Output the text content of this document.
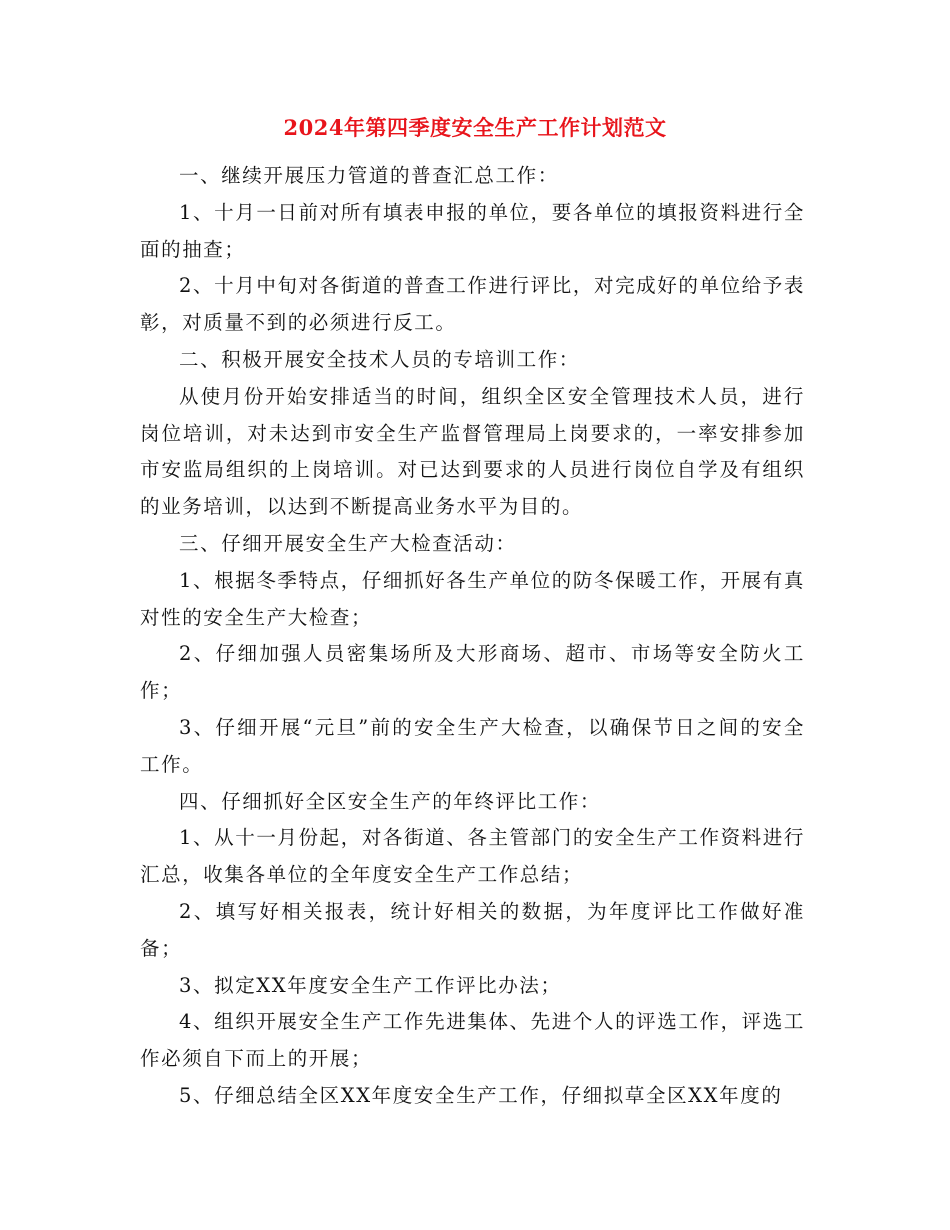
2024年第四季度安全生产工作计划范文

一、继续开展压力管道的普查汇总工作：

1、十月一日前对所有填表申报的单位，要各单位的填报资料进行全面的抽查；

2、十月中旬对各街道的普查工作进行评比，对完成好的单位给予表彰，对质量不到的必须进行反工。

二、积极开展安全技术人员的专培训工作：

从使月份开始安排适当的时间，组织全区安全管理技术人员，进行岗位培训，对未达到市安全生产监督管理局上岗要求的，一率安排参加市安监局组织的上岗培训。对已达到要求的人员进行岗位自学及有组织的业务培训，以达到不断提高业务水平为目的。

三、仔细开展安全生产大检查活动：

1、根据冬季特点，仔细抓好各生产单位的防冬保暖工作，开展有真对性的安全生产大检查；

2、仔细加强人员密集场所及大形商场、超市、市场等安全防火工作；

3、仔细开展“元旦”前的安全生产大检查，以确保节日之间的安全工作。

四、仔细抓好全区安全生产的年终评比工作：

1、从十一月份起，对各街道、各主管部门的安全生产工作资料进行汇总，收集各单位的全年度安全生产工作总结；

2、填写好相关报表，统计好相关的数据，为年度评比工作做好准备；

3、拟定XX年度安全生产工作评比办法；

4、组织开展安全生产工作先进集体、先进个人的评选工作，评选工作必须自下而上的开展；

5、仔细总结全区XX年度安全生产工作，仔细拟草全区XX年度的
